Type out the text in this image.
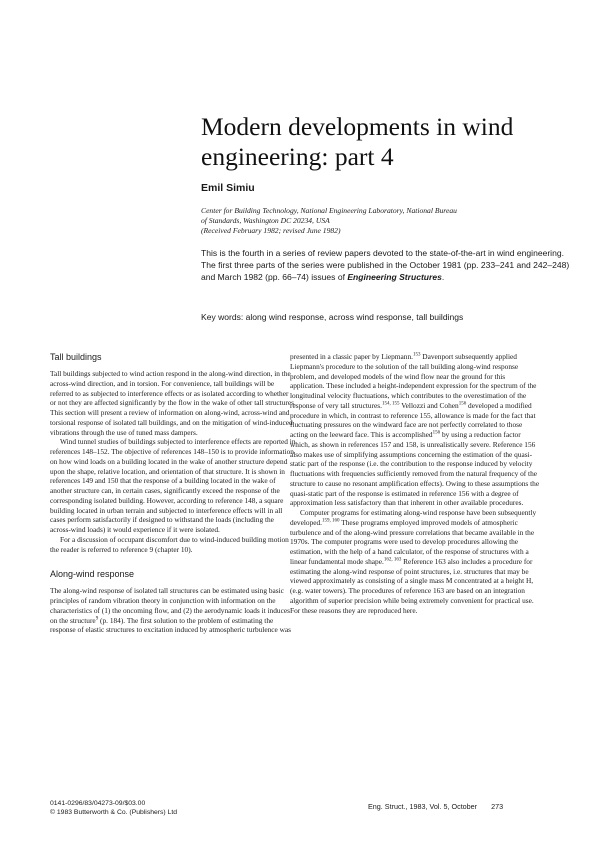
Modern developments in wind engineering: part 4

Emil Simiu

Center for Building Technology, National Engineering Laboratory, National Bureau
of Standards, Washington DC 20234, USA
(Received February 1982; revised June 1982)

This is the fourth in a series of review papers devoted to the state-of-the-art in wind engineering. The first three parts of the series were published in the October 1981 (pp. 233–241 and 242–248) and March 1982 (pp. 66–74) issues of Engineering Structures.

Key words: along wind response, across wind response, tall buildings

Tall buildings

Tall buildings subjected to wind action respond in the along-wind direction, in the across-wind direction, and in torsion. For convenience, tall buildings will be referred to as subjected to interference effects or as isolated according to whether or not they are affected significantly by the flow in the wake of other tall structures. This section will present a review of information on along-wind, across-wind and torsional response of isolated tall buildings, and on the mitigation of wind-induced vibrations through the use of tuned mass dampers.

Wind tunnel studies of buildings subjected to interference effects are reported in references 148–152. The objective of references 148–150 is to provide information on how wind loads on a building located in the wake of another structure depend upon the shape, relative location, and orientation of that structure. It is shown in references 149 and 150 that the response of a building located in the wake of another structure can, in certain cases, significantly exceed the response of the corresponding isolated building. However, according to reference 148, a square building located in urban terrain and subjected to interference effects will in all cases perform satisfactorily if designed to withstand the loads (including the across-wind loads) it would experience if it were isolated.

For a discussion of occupant discomfort due to wind-induced building motion the reader is referred to reference 9 (chapter 10).

Along-wind response

The along-wind response of isolated tall structures can be estimated using basic principles of random vibration theory in conjunction with information on the characteristics of (1) the oncoming flow, and (2) the aerodynamic loads it induces on the structure$^9$ (p. 184). The first solution to the problem of estimating the response of elastic structures to excitation induced by atmospheric turbulence was

presented in a classic paper by Liepmann.$^{153}$ Davenport subsequently applied Liepmann's procedure to the solution of the tall building along-wind response problem, and developed models of the wind flow near the ground for this application. These included a height-independent expression for the spectrum of the longitudinal velocity fluctuations, which contributes to the overestimation of the response of very tall structures.$^{154, 155}$ Vellozzi and Cohen$^{156}$ developed a modified procedure in which, in contrast to reference 155, allowance is made for the fact that fluctuating pressures on the windward face are not perfectly correlated to those acting on the leeward face. This is accomplished$^{156}$ by using a reduction factor which, as shown in references 157 and 158, is unrealistically severe. Reference 156 also makes use of simplifying assumptions concerning the estimation of the quasi-static part of the response (i.e. the contribution to the response induced by velocity fluctuations with frequencies sufficiently removed from the natural frequency of the structure to cause no resonant amplification effects). Owing to these assumptions the quasi-static part of the response is estimated in reference 156 with a degree of approximation less satisfactory than that inherent in other available procedures.

Computer programs for estimating along-wind response have been subsequently developed.$^{159, 160}$ These programs employed improved models of atmospheric turbulence and of the along-wind pressure correlations that became available in the 1970s. The computer programs were used to develop procedures allowing the estimation, with the help of a hand calculator, of the response of structures with a linear fundamental mode shape.$^{162, 163}$ Reference 163 also includes a procedure for estimating the along-wind response of point structures, i.e. structures that may be viewed approximately as consisting of a single mass M concentrated at a height H, (e.g. water towers). The procedures of reference 163 are based on an integration algorithm of superior precision while being extremely convenient for practical use. For these reasons they are reproduced here.

0141-0296/83/04273-09/$03.00
© 1983 Butterworth & Co. (Publishers) Ltd
Eng. Struct., 1983, Vol. 5, October 273
